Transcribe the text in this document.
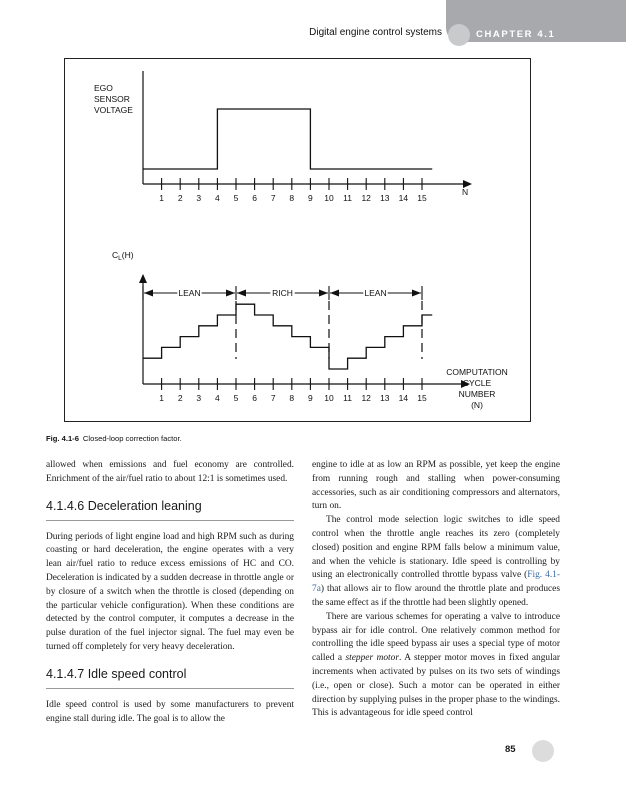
Digital engine control systems	CHAPTER 4.1
EGO
SENSOR
VOLTAGE
N
1 2 3 4 5 6 7 8 9 10 11 12 13 14 15
$C_L(H)$
1 2 3 4 5 6 7 8 9 10 11 12 13 14 15
LEAN	RICH	LEAN
COMPUTATION
CYCLE
NUMBER
(N)
Fig. 4.1-6 Closed-loop correction factor.

allowed when emissions and fuel economy are controlled. Enrichment of the air/fuel ratio to about 12:1 is sometimes used.

4.1.4.6 Deceleration leaning

During periods of light engine load and high RPM such as during coasting or hard deceleration, the engine operates with a very lean air/fuel ratio to reduce excess emissions of HC and CO. Deceleration is indicated by a sudden decrease in throttle angle or by closure of a switch when the throttle is closed (depending on the particular vehicle configuration). When these conditions are detected by the control computer, it computes a decrease in the pulse duration of the fuel injector signal. The fuel may even be turned off completely for very heavy deceleration.

4.1.4.7 Idle speed control

Idle speed control is used by some manufacturers to prevent engine stall during idle. The goal is to allow the

engine to idle at as low an RPM as possible, yet keep the engine from running rough and stalling when power-consuming accessories, such as air conditioning compressors and alternators, turn on.

The control mode selection logic switches to idle speed control when the throttle angle reaches its zero (completely closed) position and engine RPM falls below a minimum value, and when the vehicle is stationary. Idle speed is controlling by using an electronically controlled throttle bypass valve (Fig. 4.1-7a) that allows air to flow around the throttle plate and produces the same effect as if the throttle had been slightly opened.

There are various schemes for operating a valve to introduce bypass air for idle control. One relatively common method for controlling the idle speed bypass air uses a special type of motor called a stepper motor. A stepper motor moves in fixed angular increments when activated by pulses on its two sets of windings (i.e., open or close). Such a motor can be operated in either direction by supplying pulses in the proper phase to the windings. This is advantageous for idle speed control

85
